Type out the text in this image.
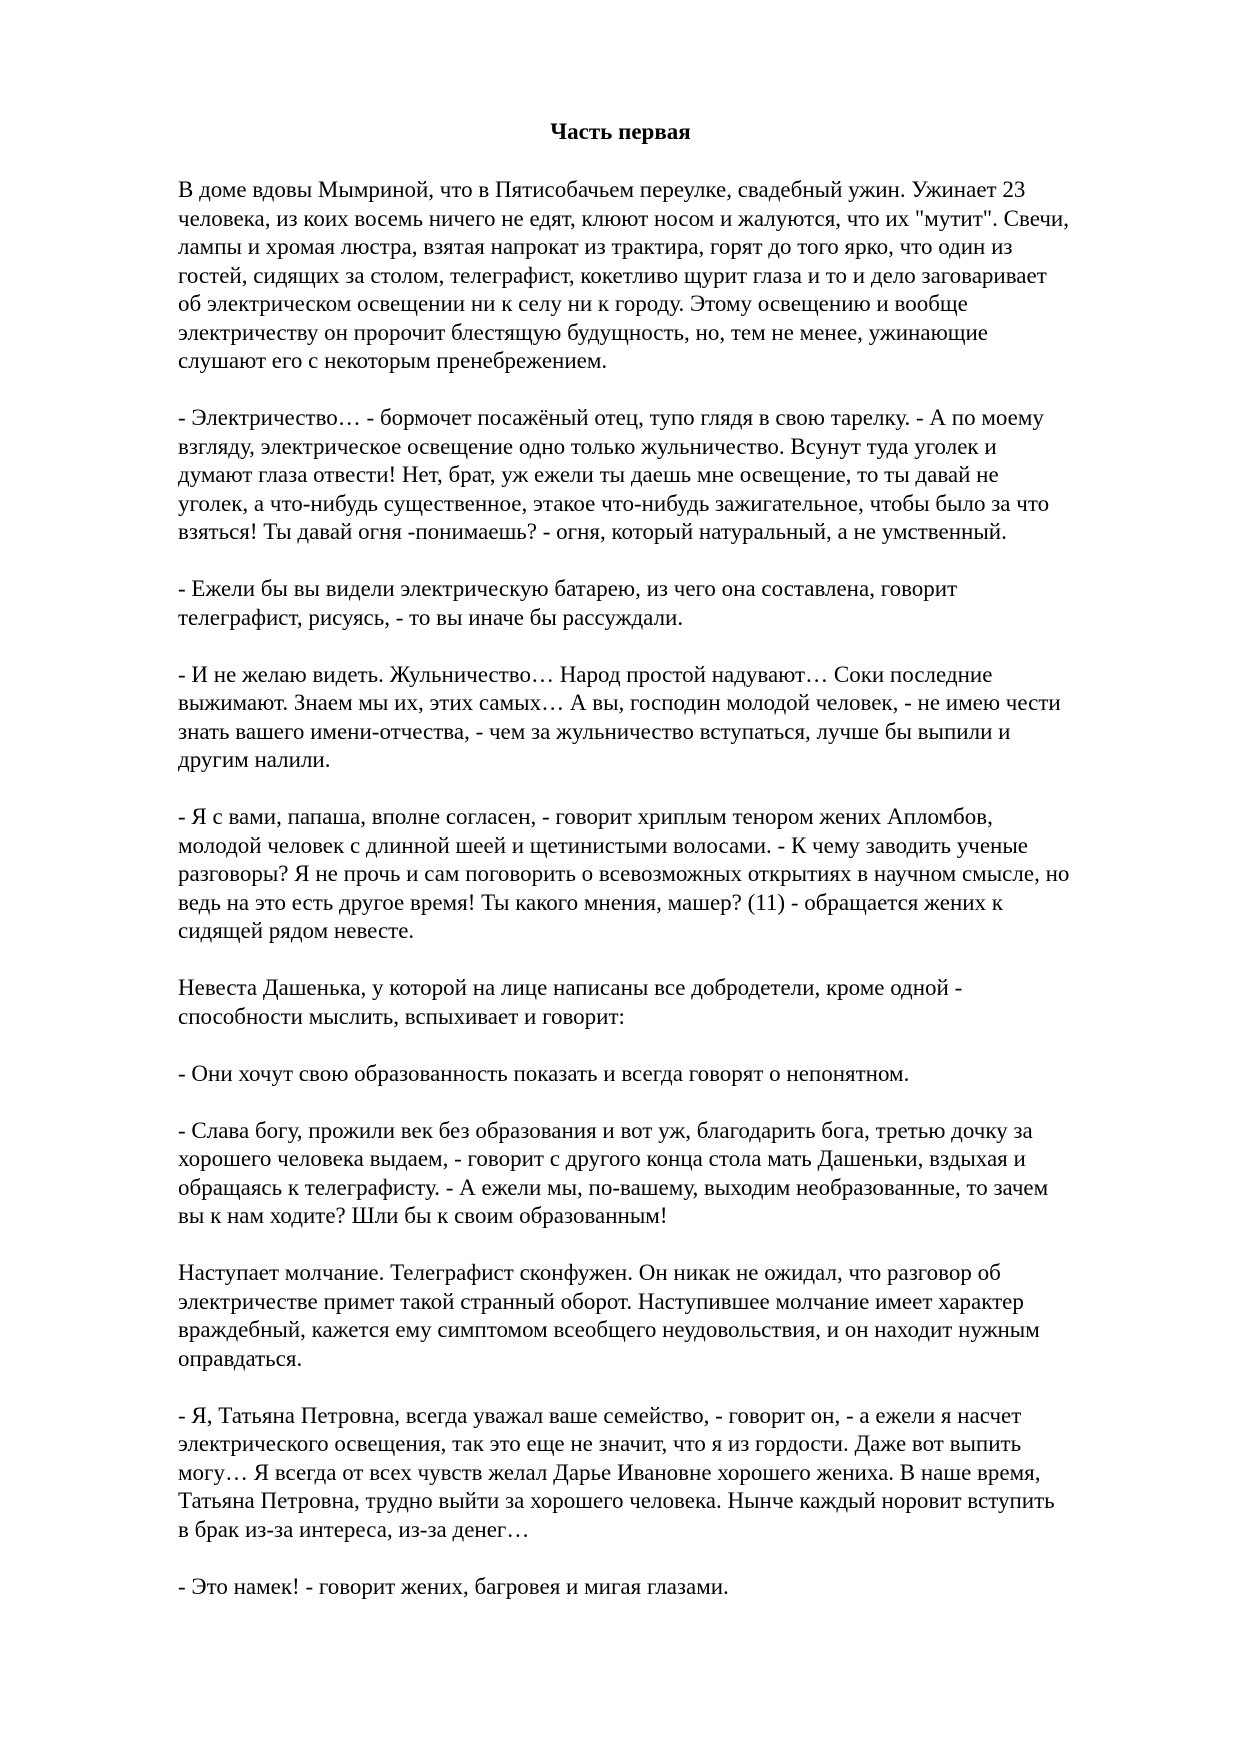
Часть первая

В доме вдовы Мымриной, что в Пятисобачьем переулке, свадебный ужин. Ужинает 23
человека, из коих восемь ничего не едят, клюют носом и жалуются, что их "мутит". Свечи,
лампы и хромая люстра, взятая напрокат из трактира, горят до того ярко, что один из
гостей, сидящих за столом, телеграфист, кокетливо щурит глаза и то и дело заговаривает
об электрическом освещении ни к селу ни к городу. Этому освещению и вообще
электричеству он пророчит блестящую будущность, но, тем не менее, ужинающие
слушают его с некоторым пренебрежением.

- Электричество… - бормочет посажёный отец, тупо глядя в свою тарелку. - А по моему
взгляду, электрическое освещение одно только жульничество. Всунут туда уголек и
думают глаза отвести! Нет, брат, уж ежели ты даешь мне освещение, то ты давай не
уголек, а что-нибудь существенное, этакое что-нибудь зажигательное, чтобы было за что
взяться! Ты давай огня -понимаешь? - огня, который натуральный, а не умственный.

- Ежели бы вы видели электрическую батарею, из чего она составлена, говорит
телеграфист, рисуясь, - то вы иначе бы рассуждали.

- И не желаю видеть. Жульничество… Народ простой надувают… Соки последние
выжимают. Знаем мы их, этих самых… А вы, господин молодой человек, - не имею чести
знать вашего имени-отчества, - чем за жульничество вступаться, лучше бы выпили и
другим налили.

- Я с вами, папаша, вполне согласен, - говорит хриплым тенором жених Апломбов,
молодой человек с длинной шеей и щетинистыми волосами. - К чему заводить ученые
разговоры? Я не прочь и сам поговорить о всевозможных открытиях в научном смысле, но
ведь на это есть другое время! Ты какого мнения, машер? (11) - обращается жених к
сидящей рядом невесте.

Невеста Дашенька, у которой на лице написаны все добродетели, кроме одной -
способности мыслить, вспыхивает и говорит:

- Они хочут свою образованность показать и всегда говорят о непонятном.

- Слава богу, прожили век без образования и вот уж, благодарить бога, третью дочку за
хорошего человека выдаем, - говорит с другого конца стола мать Дашеньки, вздыхая и
обращаясь к телеграфисту. - А ежели мы, по-вашему, выходим необразованные, то зачем
вы к нам ходите? Шли бы к своим образованным!

Наступает молчание. Телеграфист сконфужен. Он никак не ожидал, что разговор об
электричестве примет такой странный оборот. Наступившее молчание имеет характер
враждебный, кажется ему симптомом всеобщего неудовольствия, и он находит нужным
оправдаться.

- Я, Татьяна Петровна, всегда уважал ваше семейство, - говорит он, - а ежели я насчет
электрического освещения, так это еще не значит, что я из гордости. Даже вот выпить
могу… Я всегда от всех чувств желал Дарье Ивановне хорошего жениха. В наше время,
Татьяна Петровна, трудно выйти за хорошего человека. Нынче каждый норовит вступить
в брак из-за интереса, из-за денег…

- Это намек! - говорит жених, багровея и мигая глазами.
